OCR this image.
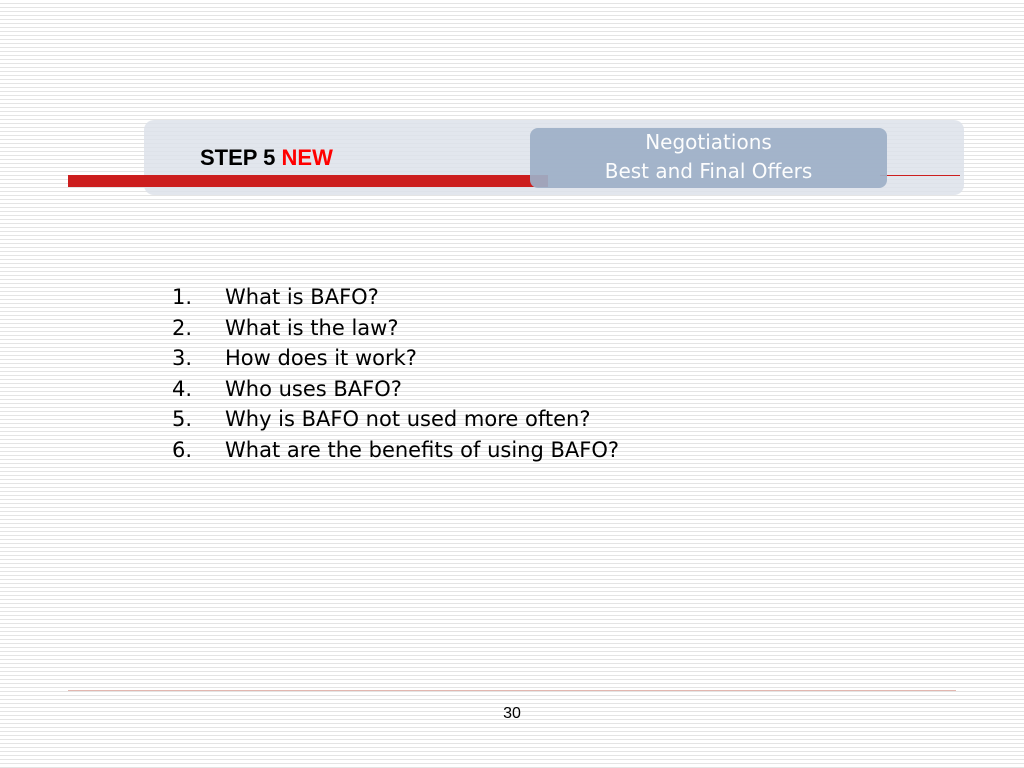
STEP 5 NEW
Negotiations
Best and Final Offers
1. What is BAFO?
2. What is the law?
3. How does it work?
4. Who uses BAFO?
5. Why is BAFO not used more often?
6. What are the benefits of using BAFO?
30
